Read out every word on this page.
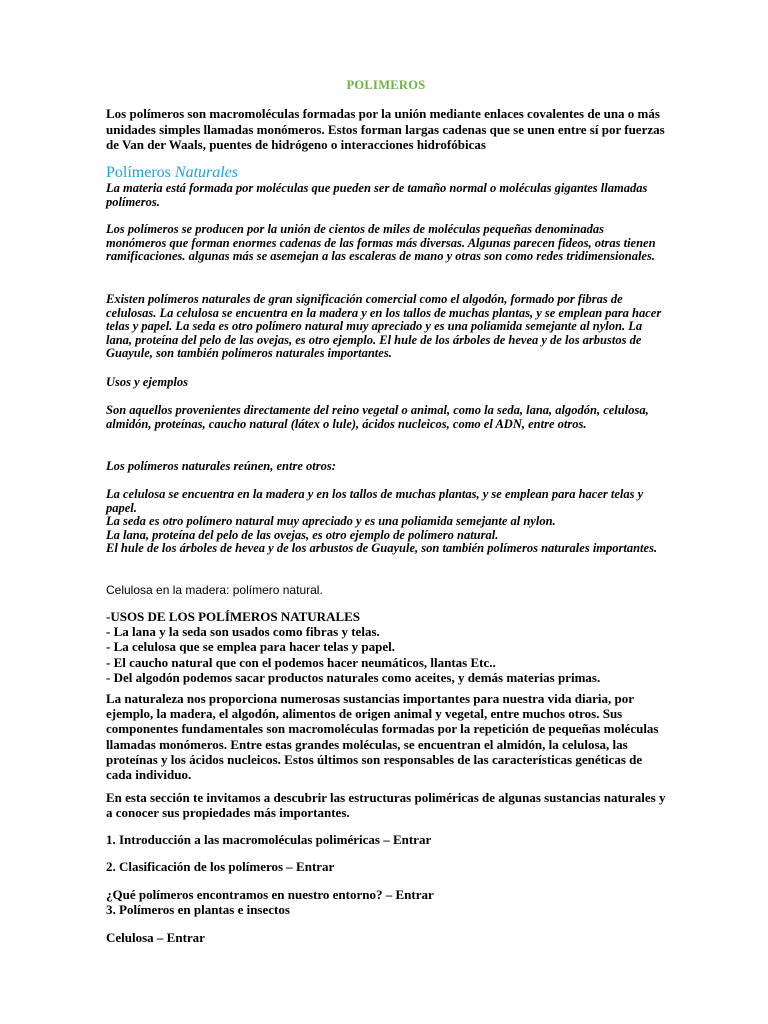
POLIMEROS

Los polímeros son macromoléculas formadas por la unión mediante enlaces covalentes de una o más unidades simples llamadas monómeros. Estos forman largas cadenas que se unen entre sí por fuerzas de Van der Waals, puentes de hidrógeno o interacciones hidrofóbicas

Polímeros Naturales

La materia está formada por moléculas que pueden ser de tamaño normal o moléculas gigantes llamadas polímeros.

Los polímeros se producen por la unión de cientos de miles de moléculas pequeñas denominadas monómeros que forman enormes cadenas de las formas más diversas. Algunas parecen fideos, otras tienen ramificaciones. algunas más se asemejan a las escaleras de mano y otras son como redes tridimensionales.

Existen polímeros naturales de gran significación comercial como el algodón, formado por fibras de celulosas. La celulosa se encuentra en la madera y en los tallos de muchas plantas, y se emplean para hacer telas y papel. La seda es otro polímero natural muy apreciado y es una poliamida semejante al nylon. La lana, proteína del pelo de las ovejas, es otro ejemplo. El hule de los árboles de hevea y de los arbustos de Guayule, son también polímeros naturales importantes.

Usos y ejemplos

Son aquellos provenientes directamente del reino vegetal o animal, como la seda, lana, algodón, celulosa, almidón, proteínas, caucho natural (látex o lule), ácidos nucleicos, como el ADN, entre otros.

Los polímeros naturales reúnen, entre otros:

La celulosa se encuentra en la madera y en los tallos de muchas plantas, y se emplean para hacer telas y papel.
La seda es otro polímero natural muy apreciado y es una poliamida semejante al nylon.
La lana, proteína del pelo de las ovejas, es otro ejemplo de polímero natural.
El hule de los árboles de hevea y de los arbustos de Guayule, son también polímeros naturales importantes.

Celulosa en la madera: polímero natural.

-USOS DE LOS POLÍMEROS NATURALES
- La lana y la seda son usados como fibras y telas.
- La celulosa que se emplea para hacer telas y papel.
- El caucho natural que con el podemos hacer neumáticos, llantas Etc..
- Del algodón podemos sacar productos naturales como aceites, y demás materias primas.

La naturaleza nos proporciona numerosas sustancias importantes para nuestra vida diaria, por ejemplo, la madera, el algodón, alimentos de origen animal y vegetal, entre muchos otros. Sus componentes fundamentales son macromoléculas formadas por la repetición de pequeñas moléculas llamadas monómeros. Entre estas grandes moléculas, se encuentran el almidón, la celulosa, las proteínas y los ácidos nucleicos. Estos últimos son responsables de las características genéticas de cada individuo.

En esta sección te invitamos a descubrir las estructuras poliméricas de algunas sustancias naturales y a conocer sus propiedades más importantes.

1. Introducción a las macromoléculas poliméricas – Entrar
2. Clasificación de los polímeros – Entrar
¿Qué polímeros encontramos en nuestro entorno? – Entrar

3. Polímeros en plantas e insectos

Celulosa – Entrar
